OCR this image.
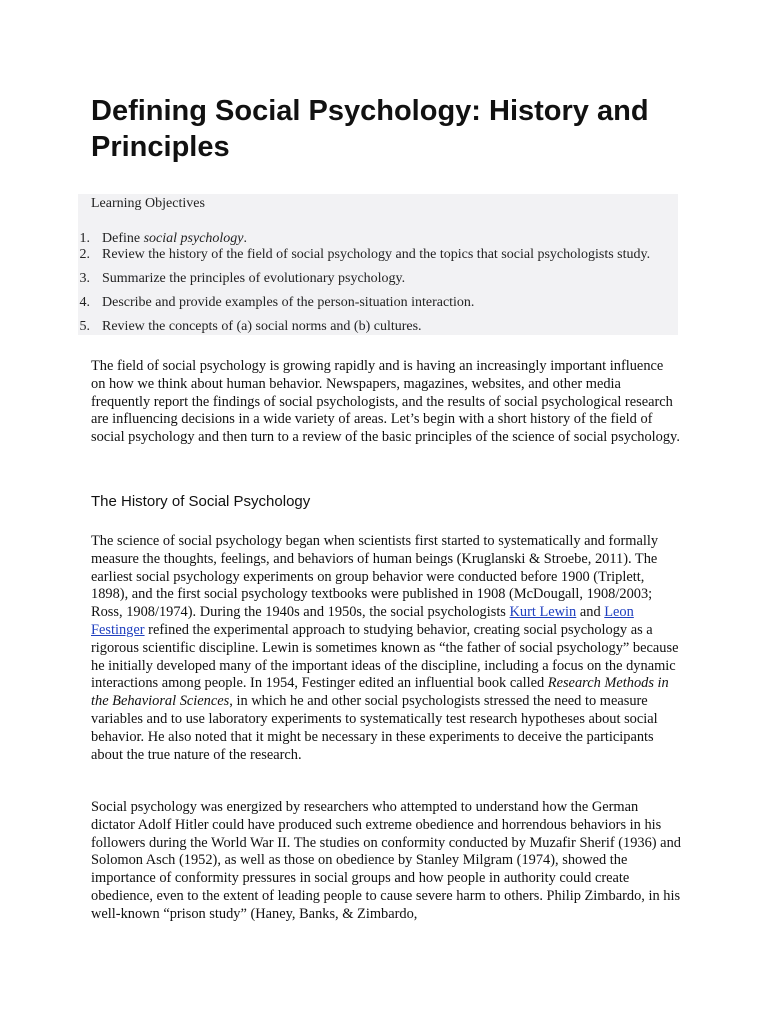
Defining Social Psychology: History and Principles
Learning Objectives
1. Define social psychology.
2. Review the history of the field of social psychology and the topics that social psychologists study.
3. Summarize the principles of evolutionary psychology.
4. Describe and provide examples of the person-situation interaction.
5. Review the concepts of (a) social norms and (b) cultures.

The field of social psychology is growing rapidly and is having an increasingly important influence on how we think about human behavior. Newspapers, magazines, websites, and other media frequently report the findings of social psychologists, and the results of social psychological research are influencing decisions in a wide variety of areas. Let’s begin with a short history of the field of social psychology and then turn to a review of the basic principles of the science of social psychology.

The History of Social Psychology

The science of social psychology began when scientists first started to systematically and formally measure the thoughts, feelings, and behaviors of human beings (Kruglanski & Stroebe, 2011). The earliest social psychology experiments on group behavior were conducted before 1900 (Triplett, 1898), and the first social psychology textbooks were published in 1908 (McDougall, 1908/2003; Ross, 1908/1974). During the 1940s and 1950s, the social psychologists Kurt Lewin and Leon Festinger refined the experimental approach to studying behavior, creating social psychology as a rigorous scientific discipline. Lewin is sometimes known as “the father of social psychology” because he initially developed many of the important ideas of the discipline, including a focus on the dynamic interactions among people. In 1954, Festinger edited an influential book called Research Methods in the Behavioral Sciences, in which he and other social psychologists stressed the need to measure variables and to use laboratory experiments to systematically test research hypotheses about social behavior. He also noted that it might be necessary in these experiments to deceive the participants about the true nature of the research.

Social psychology was energized by researchers who attempted to understand how the German dictator Adolf Hitler could have produced such extreme obedience and horrendous behaviors in his followers during the World War II. The studies on conformity conducted by Muzafir Sherif (1936) and Solomon Asch (1952), as well as those on obedience by Stanley Milgram (1974), showed the importance of conformity pressures in social groups and how people in authority could create obedience, even to the extent of leading people to cause severe harm to others. Philip Zimbardo, in his well-known “prison study” (Haney, Banks, & Zimbardo,
